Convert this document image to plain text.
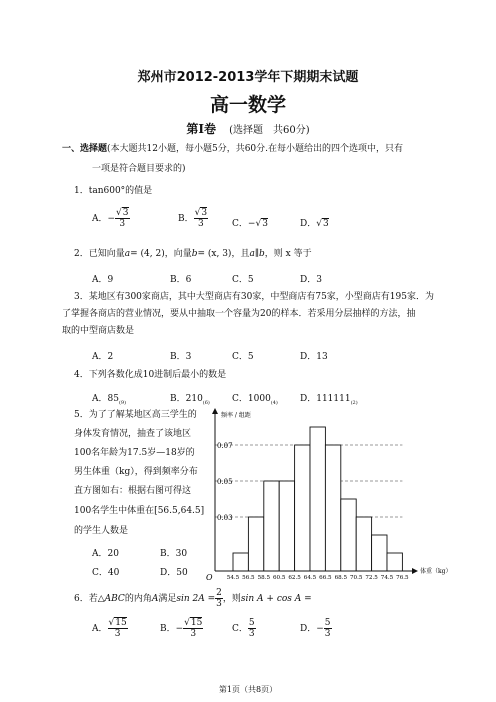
郑州市2012-2013学年下期期末试题
高一数学
第Ⅰ卷 (选择题　共60分)
一、选择题(本大题共12小题，每小题5分，共60分.在每小题给出的四个选项中，只有
一项是符合题目要求的)
1．tan600°的值是
A．− $\frac{√3}{3}$	B． $\frac{√3}{3}$	C．−√3	D．√3
2．已知向量a= (4, 2)，向量b= (x, 3)，且a∥b，则 x 等于
A．9	B．6	C．5	D．3
3．某地区有300家商店，其中大型商店有30家，中型商店有75家，小型商店有195家．为
了掌握各商店的营业情况，要从中抽取一个容量为20的样本．若采用分层抽样的方法，抽
取的中型商店数是
A．2	B．3	C．5	D．13
4．下列各数化成10进制后最小的数是
A．$85_{(9)}$	B．$210_{(6)}$ C．$1000_{(4)}$ D．$111111_{(2)}$
5．为了了解某地区高三学生的
身体发育情况，抽查了该地区
100名年龄为17.5岁—18岁的
男生体重（kg），得到频率分布
直方图如右：根据右图可得这
100名学生中体重在[56.5,64.5]
的学生人数是
A．20	B．30
C．40	D．50
频率 / 组距
体重（kg）
O
0.03
0.05
0.07
54.5 56.5 58.5 60.5 62.5 64.5 66.5 68.5 70.5 72.5 74.5 76.5
6．若△ABC的内角A满足$\sin 2A = \frac{2}{3}$ ，则sin A + cos A =
A． $\frac{√15}{3}$	B．− $\frac{√15}{3}$	C． $\frac{5}{3}$	D．− $\frac{5}{3}$
第1页（共8页）
